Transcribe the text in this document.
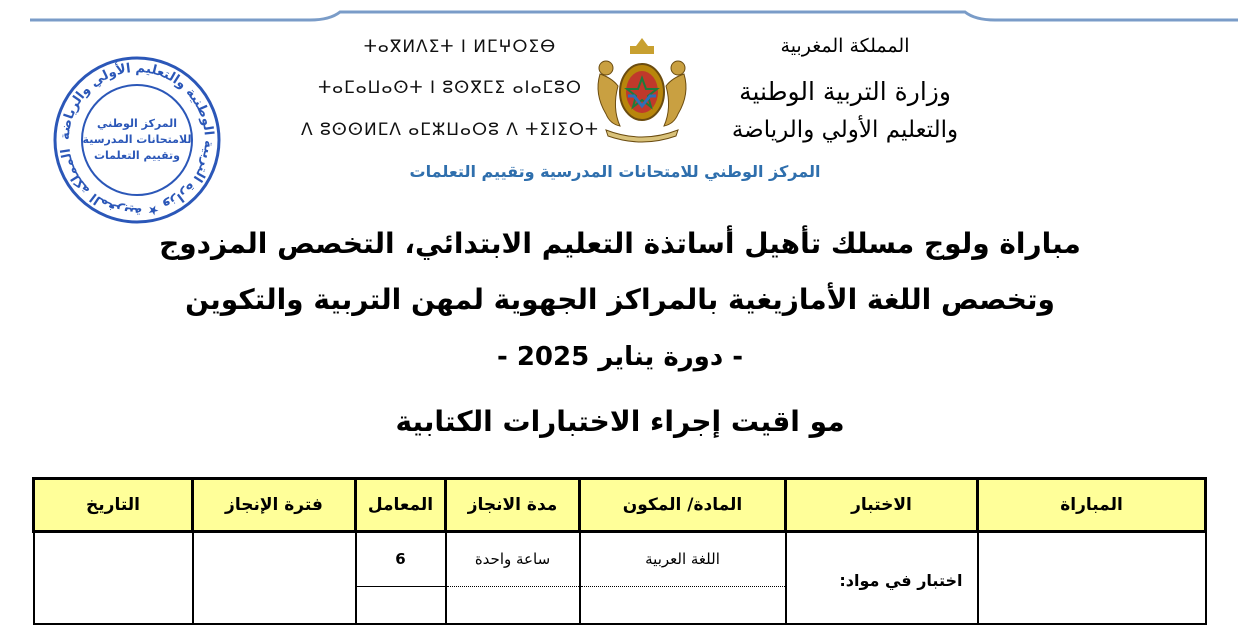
المملكة المغربية ★ وزارة التربية الوطنية والتعليم الأولي والرياضة
المركز الوطني
للامتحانات المدرسية
وتقييم التعلمات
المملكة المغربية
وزارة التربية الوطنية
والتعليم الأولي والرياضة
ⵜⴰⴳⵍⴷⵉⵜ ⵏ ⵍⵎⵖⵔⵉⴱ
ⵜⴰⵎⴰⵡⴰⵙⵜ ⵏ ⵓⵙⴳⵎⵉ ⴰⵏⴰⵎⵓⵔ
ⴷ ⵓⵙⵙⵍⵎⴷ ⴰⵎⵣⵡⴰⵔⵓ ⴷ ⵜⵉⵏⵉⵔⵜ
المركز الوطني للامتحانات المدرسية وتقييم التعلمات
مباراة ولوج مسلك تأهيل أساتذة التعليم الابتدائي، التخصص المزدوج
وتخصص اللغة الأمازيغية بالمراكز الجهوية لمهن التربية والتكوين
- دورة يناير 2025 -
مو اقيت إجراء الاختبارات الكتابية
المباراة	الاختبار	المادة/ المكون	مدة الانجاز	المعامل	فترة الإنجاز	التاريخ

	اختبار في مواد:	اللغة العربية	ساعة واحدة	6		
